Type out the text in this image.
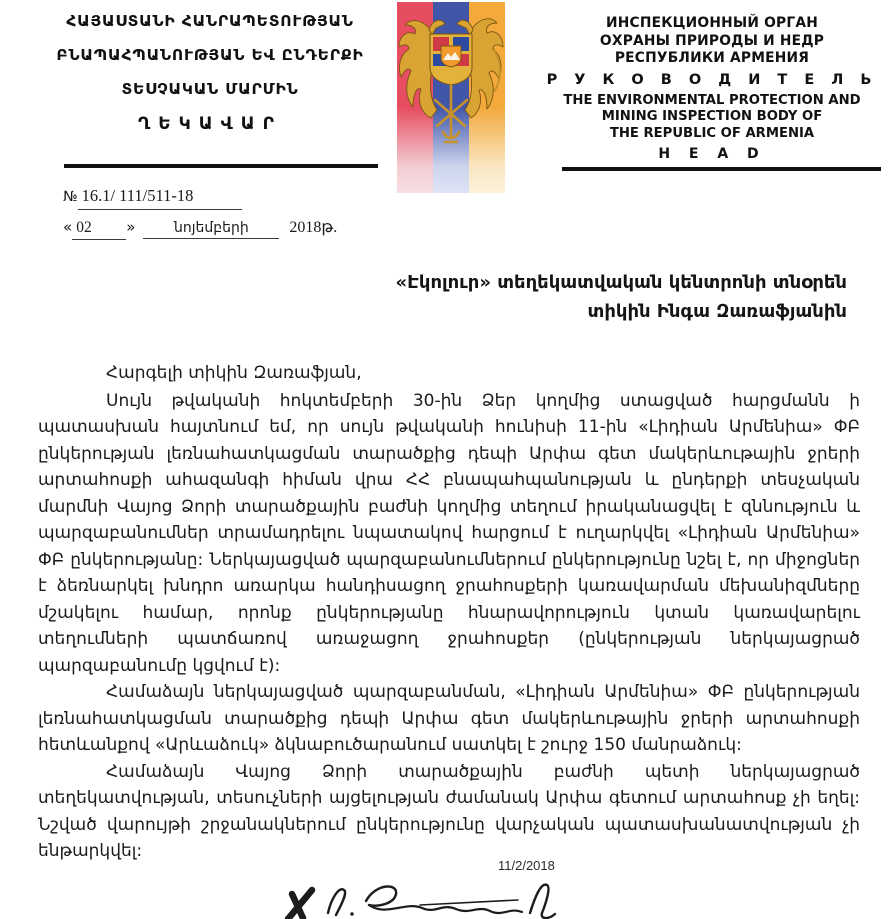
ՀԱՅԱՍՏԱՆԻ ՀԱՆՐԱՊԵՏՈՒԹՅԱՆ
ԲՆԱՊԱՀՊԱՆՈՒԹՅԱՆ ԵՎ ԸՆԴԵՐՔԻ
ՏԵՍՉԱԿԱՆ ՄԱՐՄԻՆ
ՂԵԿԱՎԱՐ
ИНСПЕКЦИОННЫЙ ОРГАН
ОХРАНЫ ПРИРОДЫ И НЕДР
РЕСПУБЛИКИ АРМЕНИЯ
Р У К О В О Д И Т Е Л Ь
THE ENVIRONMENTAL PROTECTION AND
MINING INSPECTION BODY OF
THE REPUBLIC OF ARMENIA
H E A D
№ 16.1/ 111/511-18
« 02 »	նոյեմբերի	2018թ.
«Էկոլուր» տեղեկատվական կենտրոնի տնօրեն
տիկին Ինգա Զառաֆյանին

Հարգելի տիկին Զառաֆյան,

Սույն թվականի հոկտեմբերի 30-ին Ձեր կողմից ստացված հարցմանն ի պատասխան հայտնում եմ, որ սույն թվականի հունիսի 11-ին «Լիդիան Արմենիա» ՓԲ ընկերության լեռնահատկացման տարածքից դեպի Արփա գետ մակերևութային ջրերի արտահոսքի ահազանգի հիման վրա ՀՀ բնապահպանության և ընդերքի տեսչական մարմնի Վայոց Ձորի տարածքային բաժնի կողմից տեղում իրականացվել է զննություն և պարզաբանումներ տրամադրելու նպատակով հարցում է ուղարկվել «Լիդիան Արմենիա» ՓԲ ընկերությանը: Ներկայացված պարզաբանումներում ընկերությունը նշել է, որ միջոցներ է ձեռնարկել խնդրո առարկա հանդիսացող ջրահոսքերի կառավարման մեխանիզմները մշակելու համար, որոնք ընկերությանը հնարավորություն կտան կառավարելու տեղումների պատճառով առաջացող ջրահոսքեր (ընկերության ներկայացրած պարզաբանումը կցվում է):

Համաձայն ներկայացված պարզաբանման, «Լիդիան Արմենիա» ՓԲ ընկերության լեռնահատկացման տարածքից դեպի Արփա գետ մակերևութային ջրերի արտահոսքի հետևանքով «Արևաձուկ» ձկնաբուծարանում սատկել է շուրջ 150 մանրաձուկ:

Համաձայն Վայոց Ձորի տարածքային բաժնի պետի ներկայացրած տեղեկատվության, տեսուչների այցելության ժամանակ Արփա գետում արտահոսք չի եղել: Նշված վարույթի շրջանակներում ընկերությունը վարչական պատասխանատվության չի ենթարկվել:

11/2/2018
